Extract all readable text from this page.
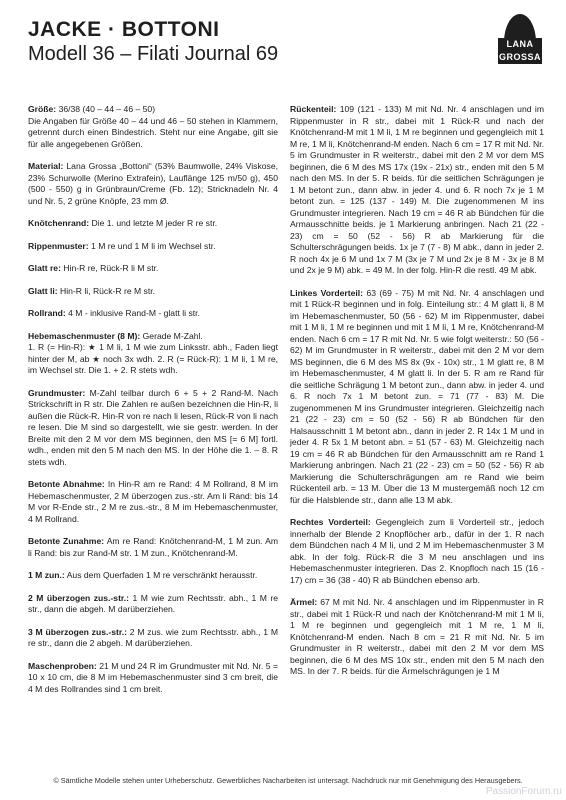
JACKE · BOTTONI
Modell 36 – Filati Journal 69	LANA
GROSSA
Größe: 36/38 (40 – 44 – 46 – 50)
Die Angaben für Größe 40 – 44 und 46 – 50 stehen in Klammern, getrennt durch einen Bindestrich. Steht nur eine Angabe, gilt sie für alle angegebenen Größen.
Material: Lana Grossa „Bottoni“ (53% Baumwolle, 24% Viskose, 23% Schurwolle (Merino Extrafein), Lauflänge 125 m/50 g), 450 (500 - 550) g in Grünbraun/Creme (Fb. 12); Stricknadeln Nr. 4 und Nr. 5, 2 grüne Knöpfe, 23 mm Ø.
Knötchenrand: Die 1. und letzte M jeder R re str.
Rippenmuster: 1 M re und 1 M li im Wechsel str.
Glatt re: Hin-R re, Rück-R li M str.
Glatt li: Hin-R li, Rück-R re M str.
Rollrand: 4 M - inklusive Rand-M - glatt li str.
Hebemaschenmuster (8 M): Gerade M-Zahl.
1. R (= Hin-R): ★ 1 M li, 1 M wie zum Linksstr. abh., Faden liegt hinter der M, ab ★ noch 3x wdh. 2. R (= Rück-R): 1 M li, 1 M re, im Wechsel str. Die 1. + 2. R stets wdh.
Grundmuster: M-Zahl teilbar durch 6 + 5 + 2 Rand-M. Nach Strickschrift in R str. Die Zahlen re außen bezeichnen die Hin-R, li außen die Rück-R. Hin-R von re nach li lesen, Rück-R von li nach re lesen. Die M sind so dargestellt, wie sie gestr. werden. In der Breite mit den 2 M vor dem MS beginnen, den MS [= 6 M] fortl. wdh., enden mit den 5 M nach den MS. In der Höhe die 1. – 8. R stets wdh.
Betonte Abnahme: In Hin-R am re Rand: 4 M Rollrand, 8 M im Hebemaschenmuster, 2 M überzogen zus.-str. Am li Rand: bis 14 M vor R-Ende str., 2 M re zus.-str., 8 M im Hebemaschenmuster, 4 M Rollrand.
Betonte Zunahme: Am re Rand: Knötchenrand-M, 1 M zun. Am li Rand: bis zur Rand-M str. 1 M zun., Knötchenrand-M.
1 M zun.: Aus dem Querfaden 1 M re verschränkt herausstr.
2 M überzogen zus.-str.: 1 M wie zum Rechtsstr. abh., 1 M re str., dann die abgeh. M darüberziehen.
3 M überzogen zus.-str.: 2 M zus. wie zum Rechtsstr. abh., 1 M re str., dann die 2 abgeh. M darüberziehen.
Maschenproben: 21 M und 24 R im Grundmuster mit Nd. Nr. 5 = 10 x 10 cm, die 8 M im Hebemaschenmuster sind 3 cm breit, die 4 M des Rollrandes sind 1 cm breit.
Rückenteil: 109 (121 - 133) M mit Nd. Nr. 4 anschlagen und im Rippenmuster in R str., dabei mit 1 Rück-R und nach der Knötchenrand-M mit 1 M li, 1 M re beginnen und gegengleich mit 1 M re, 1 M li, Knötchenrand-M enden. Nach 6 cm = 17 R mit Nd. Nr. 5 im Grundmuster in R weiterstr., dabei mit den 2 M vor dem MS beginnen, die 6 M des MS 17x (19x - 21x) str., enden mit den 5 M nach den MS. In der 5. R beids. für die seitlichen Schrägungen je 1 M betont zun., dann abw. in jeder 4. und 6. R noch 7x je 1 M betont zun. = 125 (137 - 149) M. Die zugenommenen M ins Grundmuster integrieren. Nach 19 cm = 46 R ab Bündchen für die Armausschnitte beids. je 1 Markierung anbringen. Nach 21 (22 - 23) cm = 50 (52 - 56) R ab Markierung für die Schulterschrägungen beids. 1x je 7 (7 - 8) M abk., dann in jeder 2. R noch 4x je 6 M und 1x 7 M (3x je 7 M und 2x je 8 M - 3x je 8 M und 2x je 9 M) abk. = 49 M. In der folg. Hin-R die restl. 49 M abk.
Linkes Vorderteil: 63 (69 - 75) M mit Nd. Nr. 4 anschlagen und mit 1 Rück-R beginnen und in folg. Einteilung str.: 4 M glatt li, 8 M im Hebemaschenmuster, 50 (56 - 62) M im Rippenmuster, dabei mit 1 M li, 1 M re beginnen und mit 1 M li, 1 M re, Knötchenrand-M enden. Nach 6 cm = 17 R mit Nd. Nr. 5 wie folgt weiterstr.: 50 (56 - 62) M im Grundmuster in R weiterstr., dabei mit den 2 M vor dem MS beginnen, die 6 M des MS 8x (9x - 10x) str., 1 M glatt re, 8 M im Hebemaschenmuster, 4 M glatt li. In der 5. R am re Rand für die seitliche Schrägung 1 M betont zun., dann abw. in jeder 4. und 6. R noch 7x 1 M betont zun. = 71 (77 - 83) M. Die zugenommenen M ins Grundmuster integrieren. Gleichzeitig nach 21 (22 - 23) cm = 50 (52 - 56) R ab Bündchen für den Halsausschnitt 1 M betont abn., dann in jeder 2. R 14x 1 M und in jeder 4. R 5x 1 M betont abn. = 51 (57 - 63) M. Gleichzeitig nach 19 cm = 46 R ab Bündchen für den Armausschnitt am re Rand 1 Markierung anbringen. Nach 21 (22 - 23) cm = 50 (52 - 56) R ab Markierung die Schulterschrägungen am re Rand wie beim Rückenteil arb. = 13 M. Über die 13 M mustergemäß noch 12 cm für die Halsblende str., dann alle 13 M abk.
Rechtes Vorderteil: Gegengleich zum li Vorderteil str., jedoch innerhalb der Blende 2 Knopflöcher arb., dafür in der 1. R nach dem Bündchen nach 4 M li, und 2 M im Hebemaschenmuster 3 M abk. In der folg. Rück-R die 3 M neu anschlagen und ins Hebemaschenmuster integrieren. Das 2. Knopfloch nach 15 (16 - 17) cm = 36 (38 - 40) R ab Bündchen ebenso arb.
Ärmel: 67 M mit Nd. Nr. 4 anschlagen und im Rippenmuster in R str., dabei mit 1 Rück-R und nach der Knötchenrand-M mit 1 M li, 1 M re beginnen und gegengleich mit 1 M re, 1 M li, Knötchenrand-M enden. Nach 8 cm = 21 R mit Nd. Nr. 5 im Grundmuster in R weiterstr., dabei mit den 2 M vor dem MS beginnen, die 6 M des MS 10x str., enden mit den 5 M nach den MS. In der 7. R beids. für die Ärmelschrägungen je 1 M
© Sämtliche Modelle stehen unter Urheberschutz. Gewerbliches Nacharbeiten ist untersagt. Nachdruck nur mit Genehmigung des Herausgebers.
PassionForum.ru
